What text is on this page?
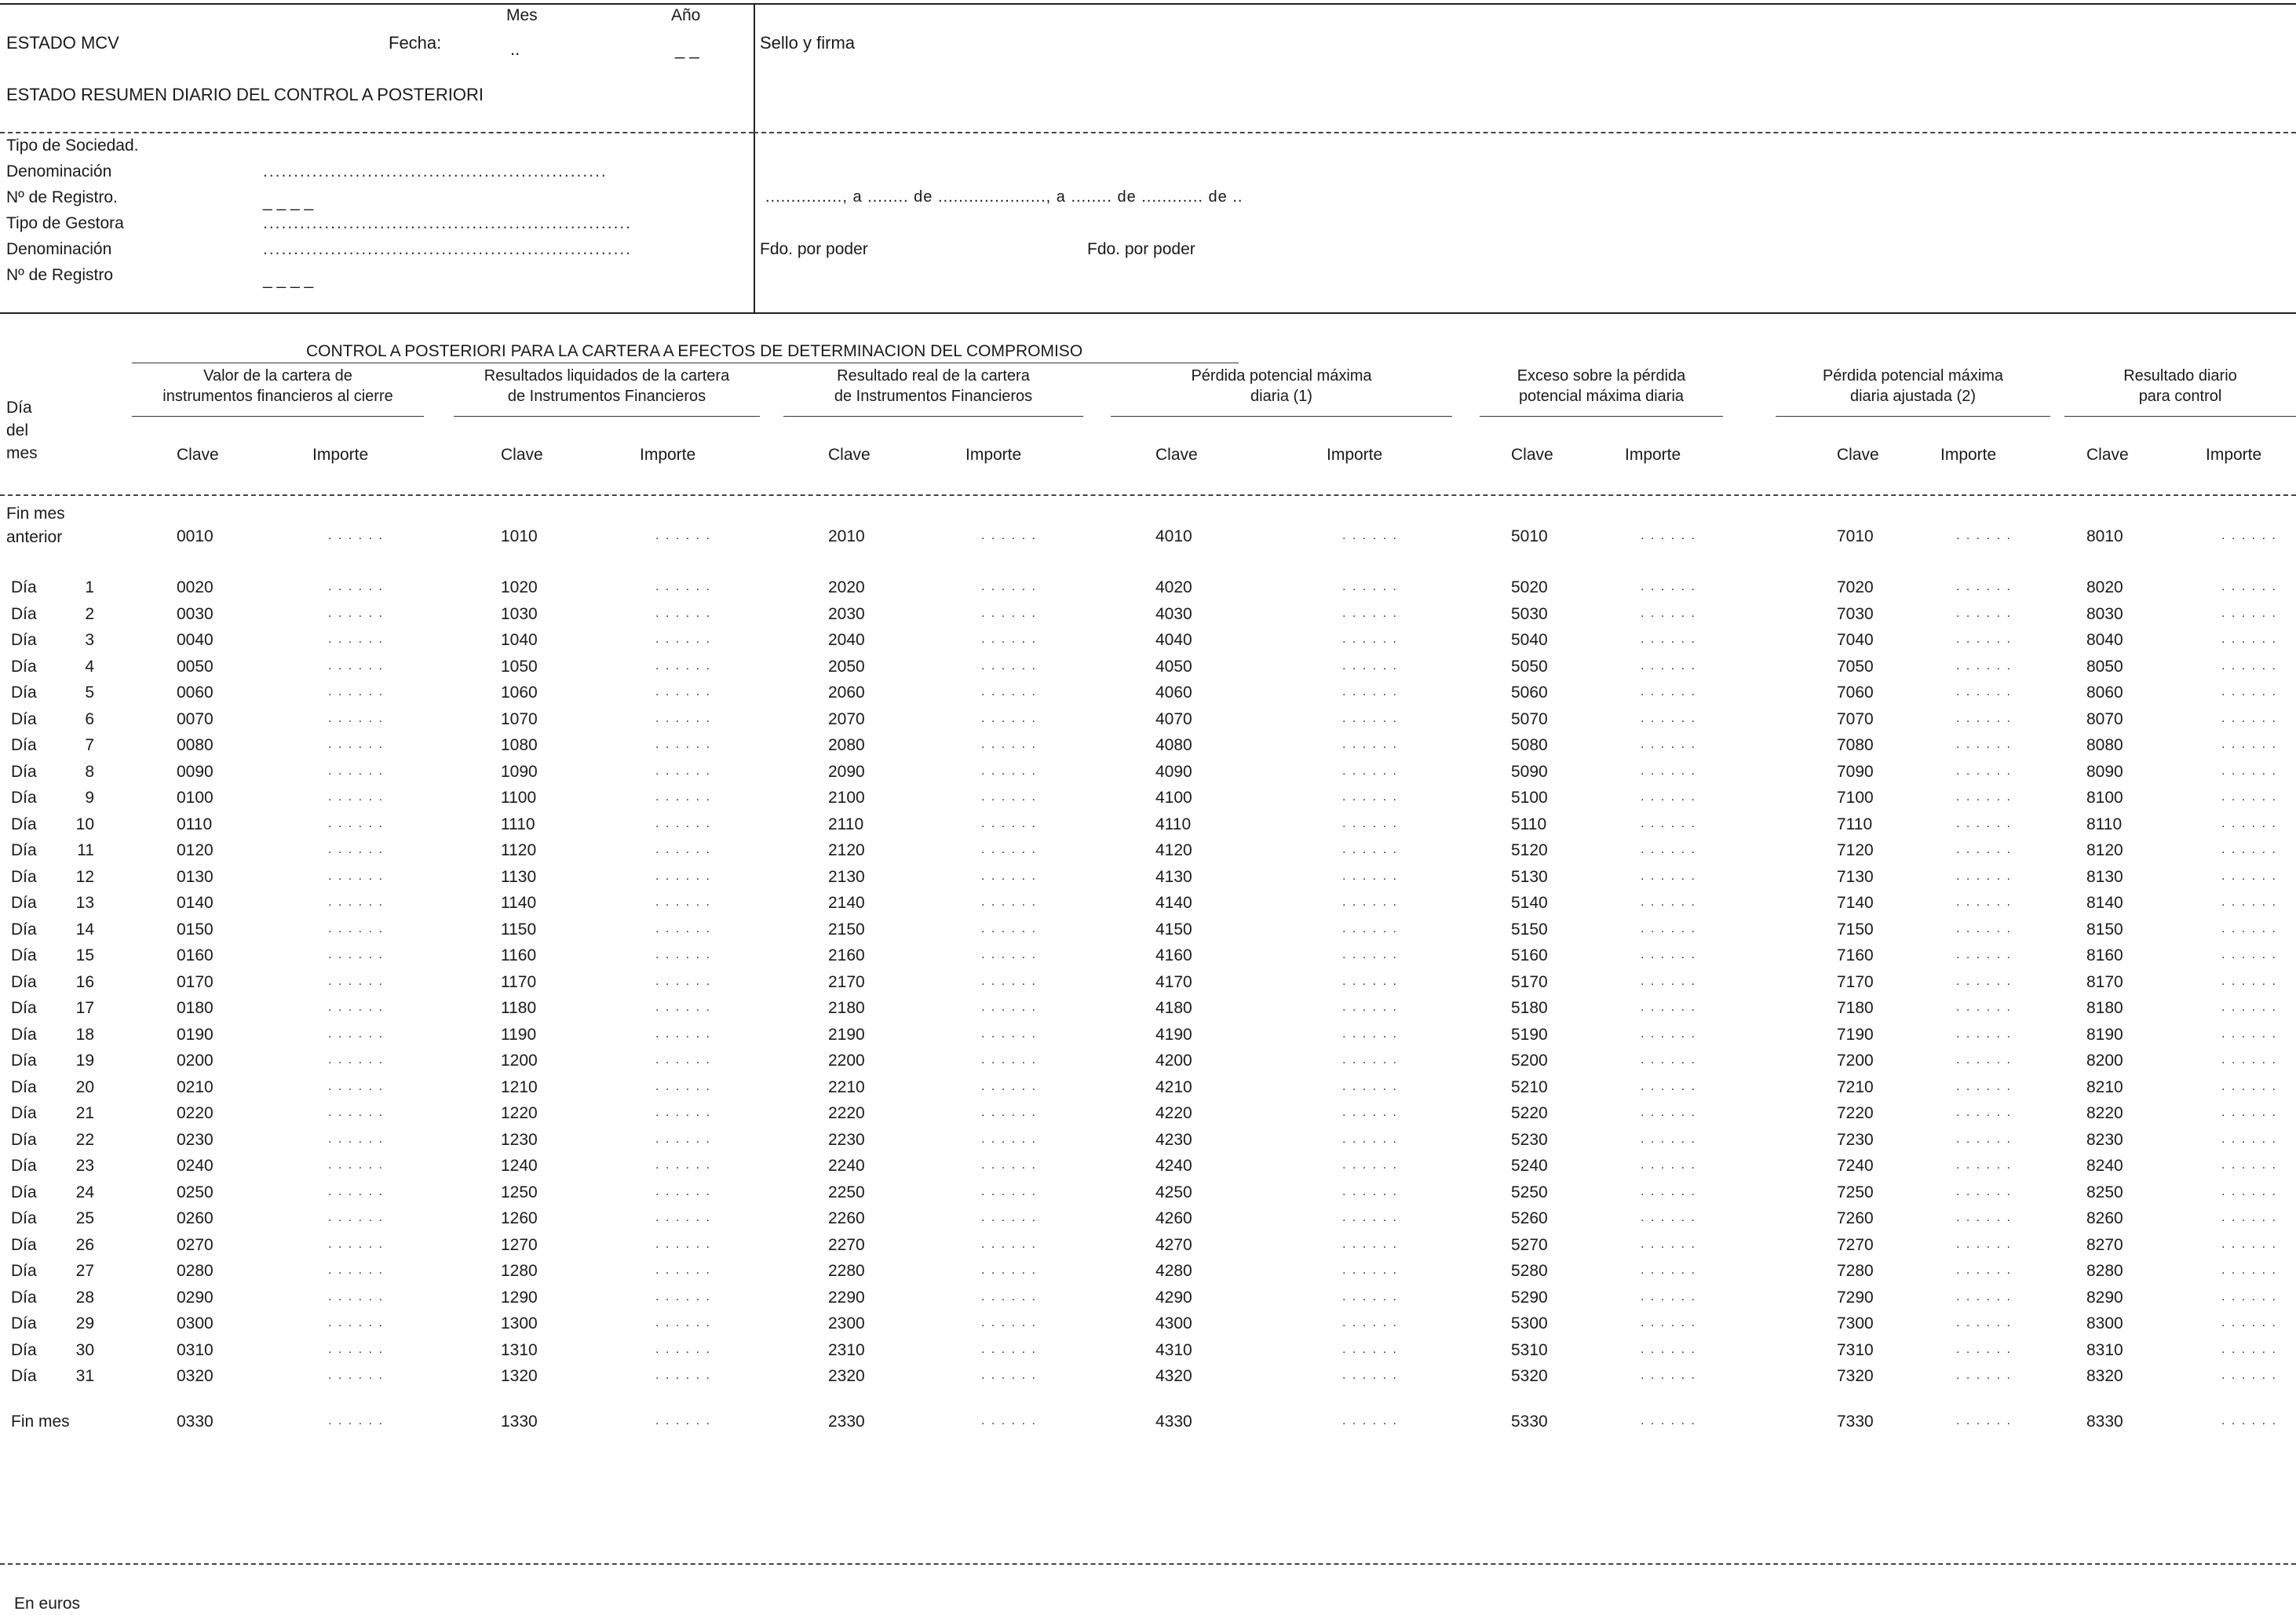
Mes	Año
ESTADO MCV	Fecha:	..	_ _	Sello y firma
ESTADO RESUMEN DIARIO DEL CONTROL A POSTERIORI
Tipo de Sociedad.
Denominación	........................................................
Nº de Registro.	_ _ _ _
Tipo de Gestora	............................................................
Denominación	............................................................
Nº de Registro	_ _ _ _
..............., a ........ de ....................., a ........ de ............ de ..
Fdo. por poder	Fdo. por poder
CONTROL A POSTERIORI PARA LA CARTERA A EFECTOS DE DETERMINACION DEL COMPROMISO
Día
del
mes
Valor de la cartera de
instrumentos financieros al cierre
Clave	Importe
Resultados liquidados de la cartera
de Instrumentos Financieros
Clave	Importe
Resultado real de la cartera
de Instrumentos Financieros
Clave	Importe
Pérdida potencial máxima
diaria (1)
Clave	Importe
Exceso sobre la pérdida
potencial máxima diaria
Clave	Importe
Pérdida potencial máxima
diaria ajustada (2)
Clave	Importe
Resultado diario
para control
Clave	Importe
Fin mes
anterior	0010	. . . . . .	1010	. . . . . .	2010	. . . . . .	4010	. . . . . .	5010	. . . . . .	7010	. . . . . .	8010	. . . . . .
Día	1	0020	. . . . . .	1020	. . . . . .	2020	. . . . . .	4020	. . . . . .	5020	. . . . . .	7020	. . . . . .	8020	. . . . . .
Día	2	0030	. . . . . .	1030	. . . . . .	2030	. . . . . .	4030	. . . . . .	5030	. . . . . .	7030	. . . . . .	8030	. . . . . .
Día	3	0040	. . . . . .	1040	. . . . . .	2040	. . . . . .	4040	. . . . . .	5040	. . . . . .	7040	. . . . . .	8040	. . . . . .
Día	4	0050	. . . . . .	1050	. . . . . .	2050	. . . . . .	4050	. . . . . .	5050	. . . . . .	7050	. . . . . .	8050	. . . . . .
Día	5	0060	. . . . . .	1060	. . . . . .	2060	. . . . . .	4060	. . . . . .	5060	. . . . . .	7060	. . . . . .	8060	. . . . . .
Día	6	0070	. . . . . .	1070	. . . . . .	2070	. . . . . .	4070	. . . . . .	5070	. . . . . .	7070	. . . . . .	8070	. . . . . .
Día	7	0080	. . . . . .	1080	. . . . . .	2080	. . . . . .	4080	. . . . . .	5080	. . . . . .	7080	. . . . . .	8080	. . . . . .
Día	8	0090	. . . . . .	1090	. . . . . .	2090	. . . . . .	4090	. . . . . .	5090	. . . . . .	7090	. . . . . .	8090	. . . . . .
Día	9	0100	. . . . . .	1100	. . . . . .	2100	. . . . . .	4100	. . . . . .	5100	. . . . . .	7100	. . . . . .	8100	. . . . . .
Día 10	0110	. . . . . .	1110	. . . . . .	2110	. . . . . .	4110	. . . . . .	5110	. . . . . .	7110	. . . . . .	8110	. . . . . .
Día 11	0120	. . . . . .	1120	. . . . . .	2120	. . . . . .	4120	. . . . . .	5120	. . . . . .	7120	. . . . . .	8120	. . . . . .
Día 12	0130	. . . . . .	1130	. . . . . .	2130	. . . . . .	4130	. . . . . .	5130	. . . . . .	7130	. . . . . .	8130	. . . . . .
Día 13	0140	. . . . . .	1140	. . . . . .	2140	. . . . . .	4140	. . . . . .	5140	. . . . . .	7140	. . . . . .	8140	. . . . . .
Día 14	0150	. . . . . .	1150	. . . . . .	2150	. . . . . .	4150	. . . . . .	5150	. . . . . .	7150	. . . . . .	8150	. . . . . .
Día 15	0160	. . . . . .	1160	. . . . . .	2160	. . . . . .	4160	. . . . . .	5160	. . . . . .	7160	. . . . . .	8160	. . . . . .
Día 16	0170	. . . . . .	1170	. . . . . .	2170	. . . . . .	4170	. . . . . .	5170	. . . . . .	7170	. . . . . .	8170	. . . . . .
Día 17	0180	. . . . . .	1180	. . . . . .	2180	. . . . . .	4180	. . . . . .	5180	. . . . . .	7180	. . . . . .	8180	. . . . . .
Día 18	0190	. . . . . .	1190	. . . . . .	2190	. . . . . .	4190	. . . . . .	5190	. . . . . .	7190	. . . . . .	8190	. . . . . .
Día 19	0200	. . . . . .	1200	. . . . . .	2200	. . . . . .	4200	. . . . . .	5200	. . . . . .	7200	. . . . . .	8200	. . . . . .
Día 20	0210	. . . . . .	1210	. . . . . .	2210	. . . . . .	4210	. . . . . .	5210	. . . . . .	7210	. . . . . .	8210	. . . . . .
Día 21	0220	. . . . . .	1220	. . . . . .	2220	. . . . . .	4220	. . . . . .	5220	. . . . . .	7220	. . . . . .	8220	. . . . . .
Día 22	0230	. . . . . .	1230	. . . . . .	2230	. . . . . .	4230	. . . . . .	5230	. . . . . .	7230	. . . . . .	8230	. . . . . .
Día 23	0240	. . . . . .	1240	. . . . . .	2240	. . . . . .	4240	. . . . . .	5240	. . . . . .	7240	. . . . . .	8240	. . . . . .
Día 24	0250	. . . . . .	1250	. . . . . .	2250	. . . . . .	4250	. . . . . .	5250	. . . . . .	7250	. . . . . .	8250	. . . . . .
Día 25	0260	. . . . . .	1260	. . . . . .	2260	. . . . . .	4260	. . . . . .	5260	. . . . . .	7260	. . . . . .	8260	. . . . . .
Día 26	0270	. . . . . .	1270	. . . . . .	2270	. . . . . .	4270	. . . . . .	5270	. . . . . .	7270	. . . . . .	8270	. . . . . .
Día 27	0280	. . . . . .	1280	. . . . . .	2280	. . . . . .	4280	. . . . . .	5280	. . . . . .	7280	. . . . . .	8280	. . . . . .
Día 28	0290	. . . . . .	1290	. . . . . .	2290	. . . . . .	4290	. . . . . .	5290	. . . . . .	7290	. . . . . .	8290	. . . . . .
Día 29	0300	. . . . . .	1300	. . . . . .	2300	. . . . . .	4300	. . . . . .	5300	. . . . . .	7300	. . . . . .	8300	. . . . . .
Día 30	0310	. . . . . .	1310	. . . . . .	2310	. . . . . .	4310	. . . . . .	5310	. . . . . .	7310	. . . . . .	8310	. . . . . .
Día 31	0320	. . . . . .	1320	. . . . . .	2320	. . . . . .	4320	. . . . . .	5320	. . . . . .	7320	. . . . . .	8320	. . . . . .
Fin mes	0330	. . . . . .	1330	. . . . . .	2330	. . . . . .	4330	. . . . . .	5330	. . . . . .	7330	. . . . . .	8330	. . . . . .
En euros
